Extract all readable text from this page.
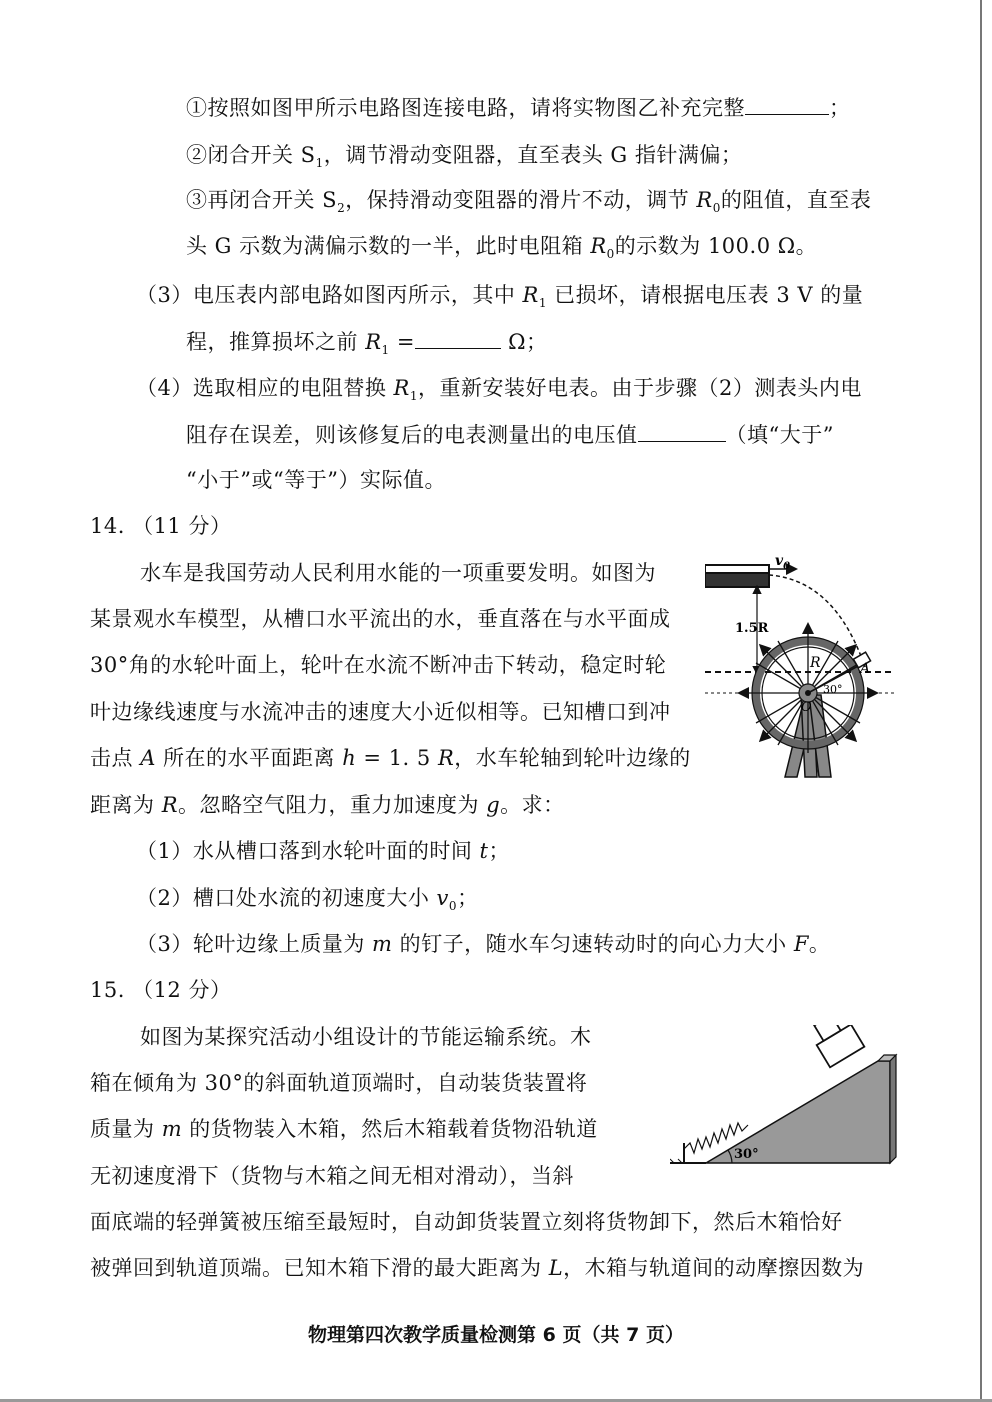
①按照如图甲所示电路图连接电路，请将实物图乙补充完整	；
②闭合开关 $S_1$，调节滑动变阻器，直至表头 G 指针满偏；
③再闭合开关 $S_2$，保持滑动变阻器的滑片不动，调节 $R_0$的阻值，直至表
头 G 示数为满偏示数的一半，此时电阻箱 $R_0$的示数为 100.0 Ω。
（3）电压表内部电路如图丙所示，其中 $R_1$ 已损坏，请根据电压表 3 V 的量
程，推算损坏之前 $R_1$ =	Ω；
（4）选取相应的电阻替换 $R_1$，重新安装好电表。由于步骤（2）测表头内电
阻存在误差，则该修复后的电表测量出的电压值	（填“大于”
“小于”或“等于”）实际值。
14. （11 分）
水车是我国劳动人民利用水能的一项重要发明。如图为
某景观水车模型，从槽口水平流出的水，垂直落在与水平面成
30°角的水轮叶面上，轮叶在水流不断冲击下转动，稳定时轮
叶边缘线速度与水流冲击的速度大小近似相等。已知槽口到冲
击点 A 所在的水平面距离 h = 1. 5 R，水车轮轴到轮叶边缘的
距离为 R。忽略空气阻力，重力加速度为 g。求：
（1）水从槽口落到水轮叶面的时间 t；
（2）槽口处水流的初速度大小 $v_0$；
（3）轮叶边缘上质量为 m 的钉子，随水车匀速转动时的向心力大小 F。
$v_0$
1.5R
R	A
O
30°
15. （12 分）
如图为某探究活动小组设计的节能运输系统。木
箱在倾角为 30°的斜面轨道顶端时，自动装货装置将
质量为 m 的货物装入木箱，然后木箱载着货物沿轨道
无初速度滑下（货物与木箱之间无相对滑动），当斜
面底端的轻弹簧被压缩至最短时，自动卸货装置立刻将货物卸下，然后木箱恰好
被弹回到轨道顶端。已知木箱下滑的最大距离为 L，木箱与轨道间的动摩擦因数为
30°
物理第四次教学质量检测第 6 页（共 7 页）
